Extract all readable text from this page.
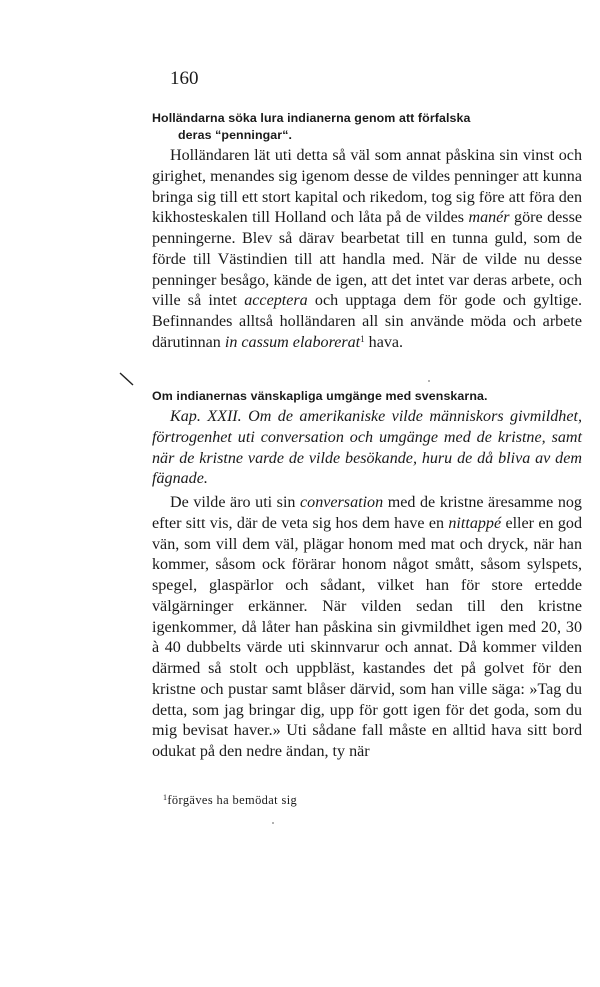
160
Holländarna söka lura indianerna genom att förfalska
deras “penningar“.

Holländaren lät uti detta så väl som annat påskina sin vinst och girighet, menandes sig igenom desse de vildes penninger att kunna bringa sig till ett stort kapital och rikedom, tog sig före att föra den kikhosteskalen till Holland och låta på de vildes manér göre desse penningerne. Blev så därav bearbetat till en tunna guld, som de förde till Västindien till att handla med. När de vilde nu desse penninger besågo, kände de igen, att det intet var deras arbete, och ville så intet acceptera och upptaga dem för gode och gyltige. Befinnandes alltså holländaren all sin använde möda och arbete därutinnan in cassum elaborerat$^1$ hava.

Om indianernas vänskapliga umgänge med svenskarna.

Kap. XXII. Om de amerikaniske vilde människors givmildhet, förtrogenhet uti conversation och umgänge med de kristne, samt när de kristne varde de vilde besökande, huru de då bliva av dem fägnade.

De vilde äro uti sin conversation med de kristne äresamme nog efter sitt vis, där de veta sig hos dem have en nittappé eller en god vän, som vill dem väl, plägar honom med mat och dryck, när han kommer, såsom ock förärar honom något smått, såsom sylspets, spegel, glaspärlor och sådant, vilket han för store ertedde välgärninger erkänner. När vilden sedan till den kristne igenkommer, då låter han påskina sin givmildhet igen med 20, 30 à 40 dubbelts värde uti skinnvarur och annat. Då kommer vilden därmed så stolt och uppbläst, kastandes det på golvet för den kristne och pustar samt blåser därvid, som han ville säga: »Tag du detta, som jag bringar dig, upp för gott igen för det goda, som du mig bevisat haver.» Uti sådane fall måste en alltid hava sitt bord odukat på den nedre ändan, ty när

$^1$förgäves ha bemödat sig
